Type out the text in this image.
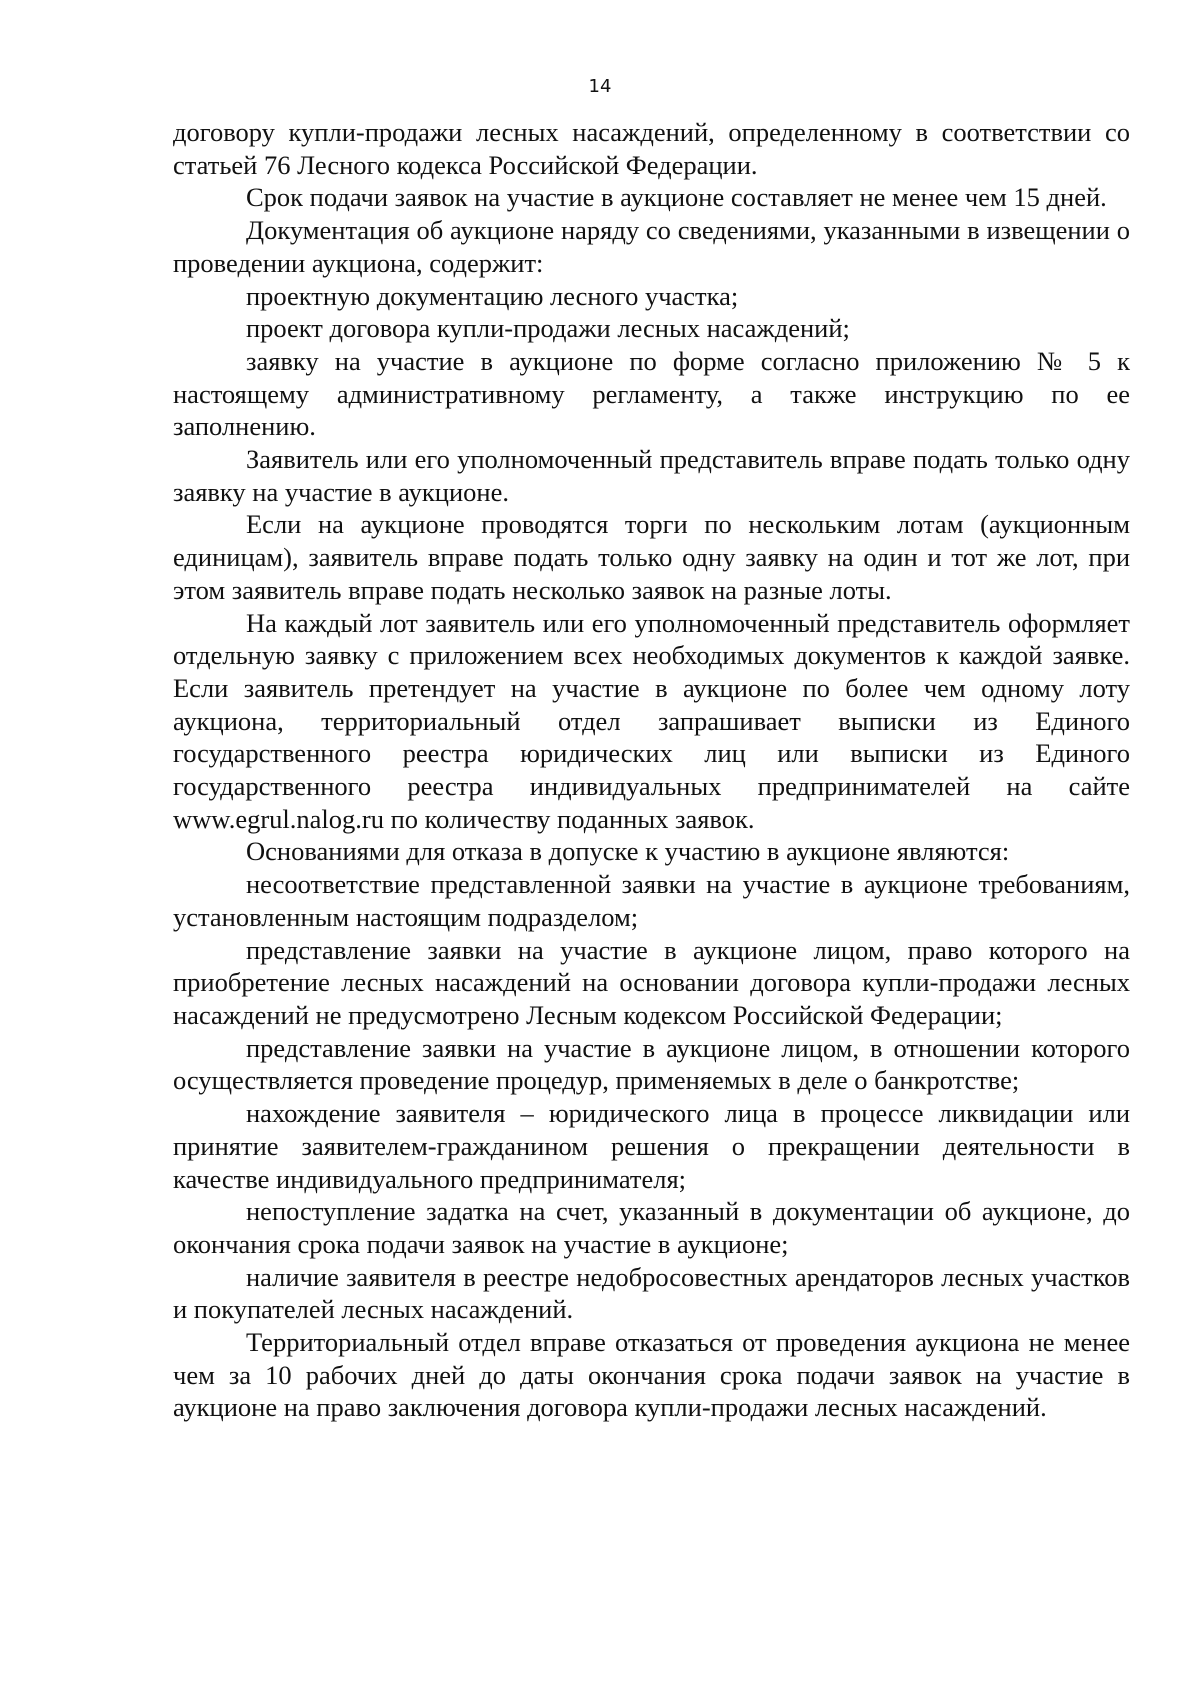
14

договору купли-продажи лесных насаждений, определенному в соответствии со статьей 76 Лесного кодекса Российской Федерации.

Срок подачи заявок на участие в аукционе составляет не менее чем 15 дней.

Документация об аукционе наряду со сведениями, указанными в извещении о проведении аукциона, содержит:

проектную документацию лесного участка;

проект договора купли-продажи лесных насаждений;

заявку на участие в аукционе по форме согласно приложению № 5 к настоящему административному регламенту, а также инструкцию по ее заполнению.

Заявитель или его уполномоченный представитель вправе подать только одну заявку на участие в аукционе.

Если на аукционе проводятся торги по нескольким лотам (аукционным единицам), заявитель вправе подать только одну заявку на один и тот же лот, при этом заявитель вправе подать несколько заявок на разные лоты.

На каждый лот заявитель или его уполномоченный представитель оформляет отдельную заявку с приложением всех необходимых документов к каждой заявке. Если заявитель претендует на участие в аукционе по более чем одному лоту аукциона, территориальный отдел запрашивает выписки из Единого государственного реестра юридических лиц или выписки из Единого государственного реестра индивидуальных предпринимателей на сайте www.egrul.nalog.ru по количеству поданных заявок.

Основаниями для отказа в допуске к участию в аукционе являются:

несоответствие представленной заявки на участие в аукционе требованиям, установленным настоящим подразделом;

представление заявки на участие в аукционе лицом, право которого на приобретение лесных насаждений на основании договора купли-продажи лесных насаждений не предусмотрено Лесным кодексом Российской Федерации;

представление заявки на участие в аукционе лицом, в отношении которого осуществляется проведение процедур, применяемых в деле о банкротстве;

нахождение заявителя – юридического лица в процессе ликвидации или принятие заявителем-гражданином решения о прекращении деятельности в качестве индивидуального предпринимателя;

непоступление задатка на счет, указанный в документации об аукционе, до окончания срока подачи заявок на участие в аукционе;

наличие заявителя в реестре недобросовестных арендаторов лесных участков и покупателей лесных насаждений.

Территориальный отдел вправе отказаться от проведения аукциона не менее чем за 10 рабочих дней до даты окончания срока подачи заявок на участие в аукционе на право заключения договора купли-продажи лесных насаждений.
